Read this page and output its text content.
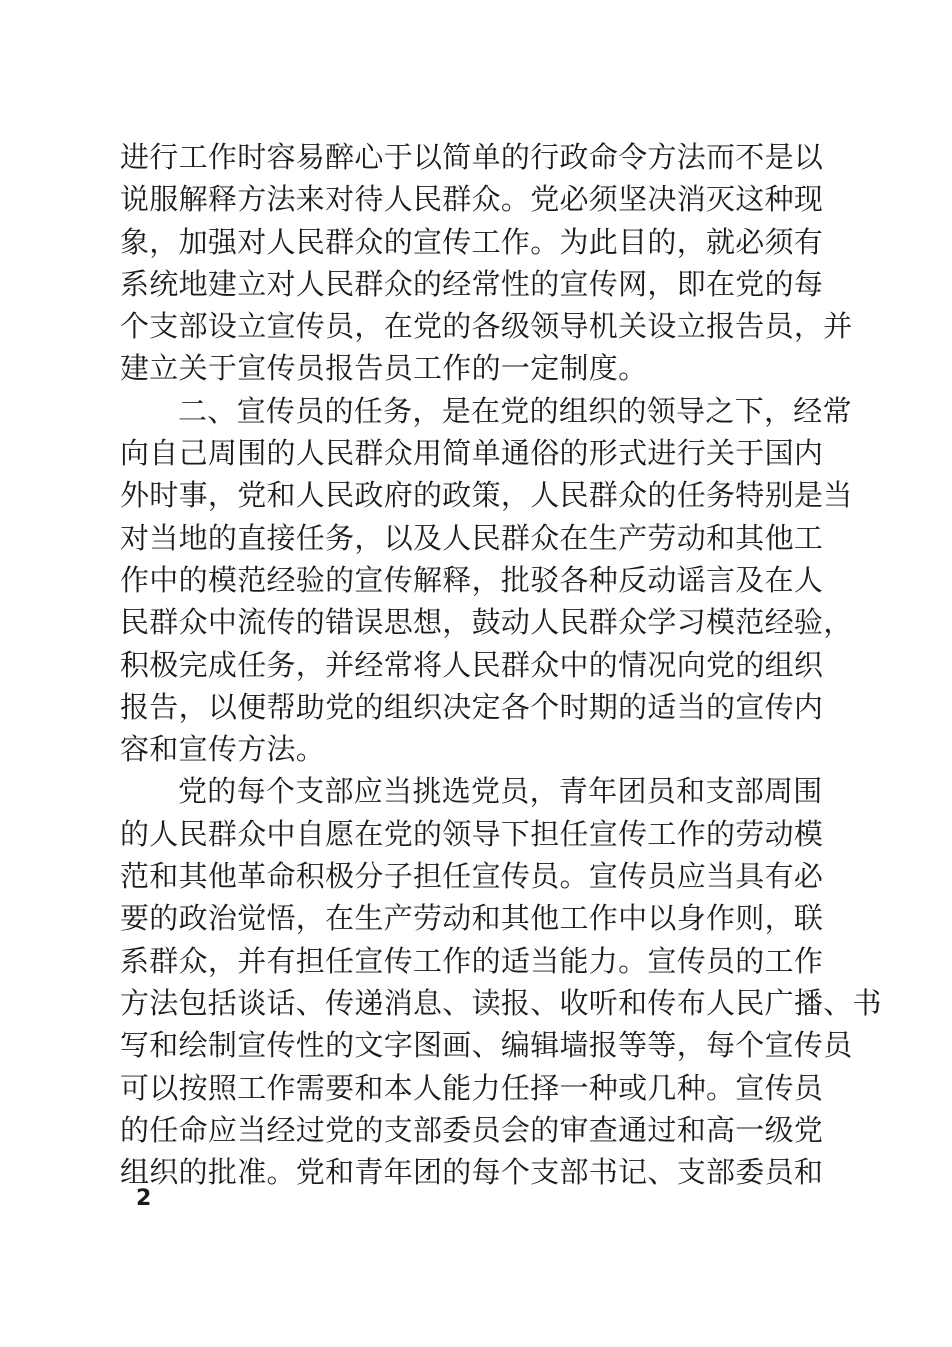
进行工作时容易醉心于以简单的行政命令方法而不是以
说服解释方法来对待人民群众。党必须坚决消灭这种现
象，加强对人民群众的宣传工作。为此目的，就必须有
系统地建立对人民群众的经常性的宣传网，即在党的每
个支部设立宣传员，在党的各级领导机关设立报告员，并
建立关于宣传员报告员工作的一定制度。
二、宣传员的任务，是在党的组织的领导之下，经常
向自己周围的人民群众用简单通俗的形式进行关于国内
外时事，党和人民政府的政策，人民群众的任务特别是当
对当地的直接任务，以及人民群众在生产劳动和其他工
作中的模范经验的宣传解释，批驳各种反动谣言及在人
民群众中流传的错误思想，鼓动人民群众学习模范经验，
积极完成任务，并经常将人民群众中的情况向党的组织
报告，以便帮助党的组织决定各个时期的适当的宣传内
容和宣传方法。
党的每个支部应当挑选党员，青年团员和支部周围
的人民群众中自愿在党的领导下担任宣传工作的劳动模
范和其他革命积极分子担任宣传员。宣传员应当具有必
要的政治觉悟，在生产劳动和其他工作中以身作则，联
系群众，并有担任宣传工作的适当能力。宣传员的工作
方法包括谈话、传递消息、读报、收听和传布人民广播、书
写和绘制宣传性的文字图画、编辑墙报等等，每个宣传员
可以按照工作需要和本人能力任择一种或几种。宣传员
的任命应当经过党的支部委员会的审查通过和高一级党
组织的批准。党和青年团的每个支部书记、支部委员和
2
